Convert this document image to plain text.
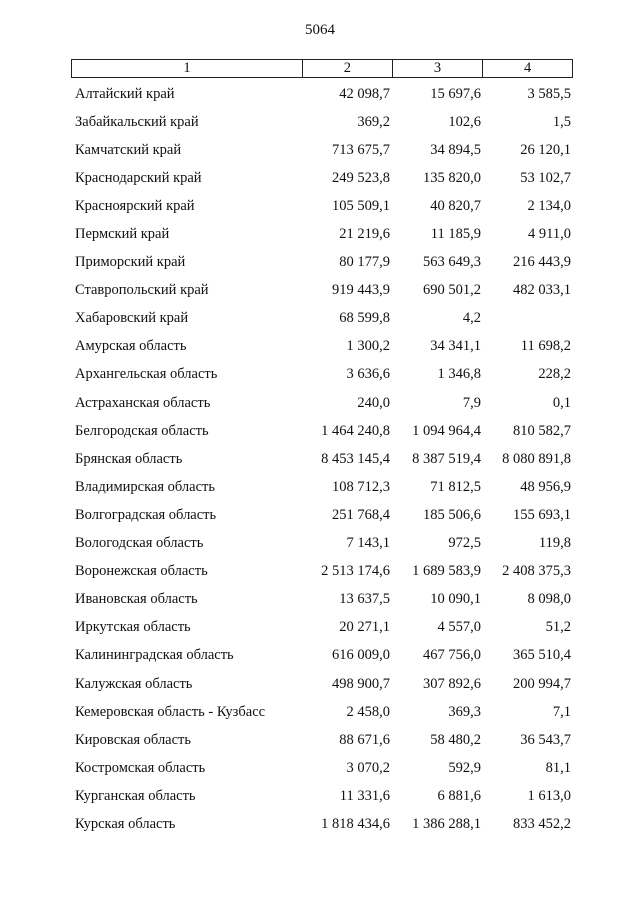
5064
1	2	3	4
Алтайский край	42 098,7	15 697,6	3 585,5
Забайкальский край	369,2	102,6	1,5
Камчатский край	713 675,7	34 894,5	26 120,1
Краснодарский край	249 523,8	135 820,0	53 102,7
Красноярский край	105 509,1	40 820,7	2 134,0
Пермский край	21 219,6	11 185,9	4 911,0
Приморский край	80 177,9	563 649,3	216 443,9
Ставропольский край	919 443,9	690 501,2	482 033,1
Хабаровский край	68 599,8	4,2
Амурская область	1 300,2	34 341,1	11 698,2
Архангельская область	3 636,6	1 346,8	228,2
Астраханская область	240,0	7,9	0,1
Белгородская область	1 464 240,8	1 094 964,4	810 582,7
Брянская область	8 453 145,4	8 387 519,4	8 080 891,8
Владимирская область	108 712,3	71 812,5	48 956,9
Волгоградская область	251 768,4	185 506,6	155 693,1
Вологодская область	7 143,1	972,5	119,8
Воронежская область	2 513 174,6	1 689 583,9	2 408 375,3
Ивановская область	13 637,5	10 090,1	8 098,0
Иркутская область	20 271,1	4 557,0	51,2
Калининградская область	616 009,0	467 756,0	365 510,4
Калужская область	498 900,7	307 892,6	200 994,7
Кемеровская область - Кузбасс	2 458,0	369,3	7,1
Кировская область	88 671,6	58 480,2	36 543,7
Костромская область	3 070,2	592,9	81,1
Курганская область	11 331,6	6 881,6	1 613,0
Курская область	1 818 434,6	1 386 288,1	833 452,2
